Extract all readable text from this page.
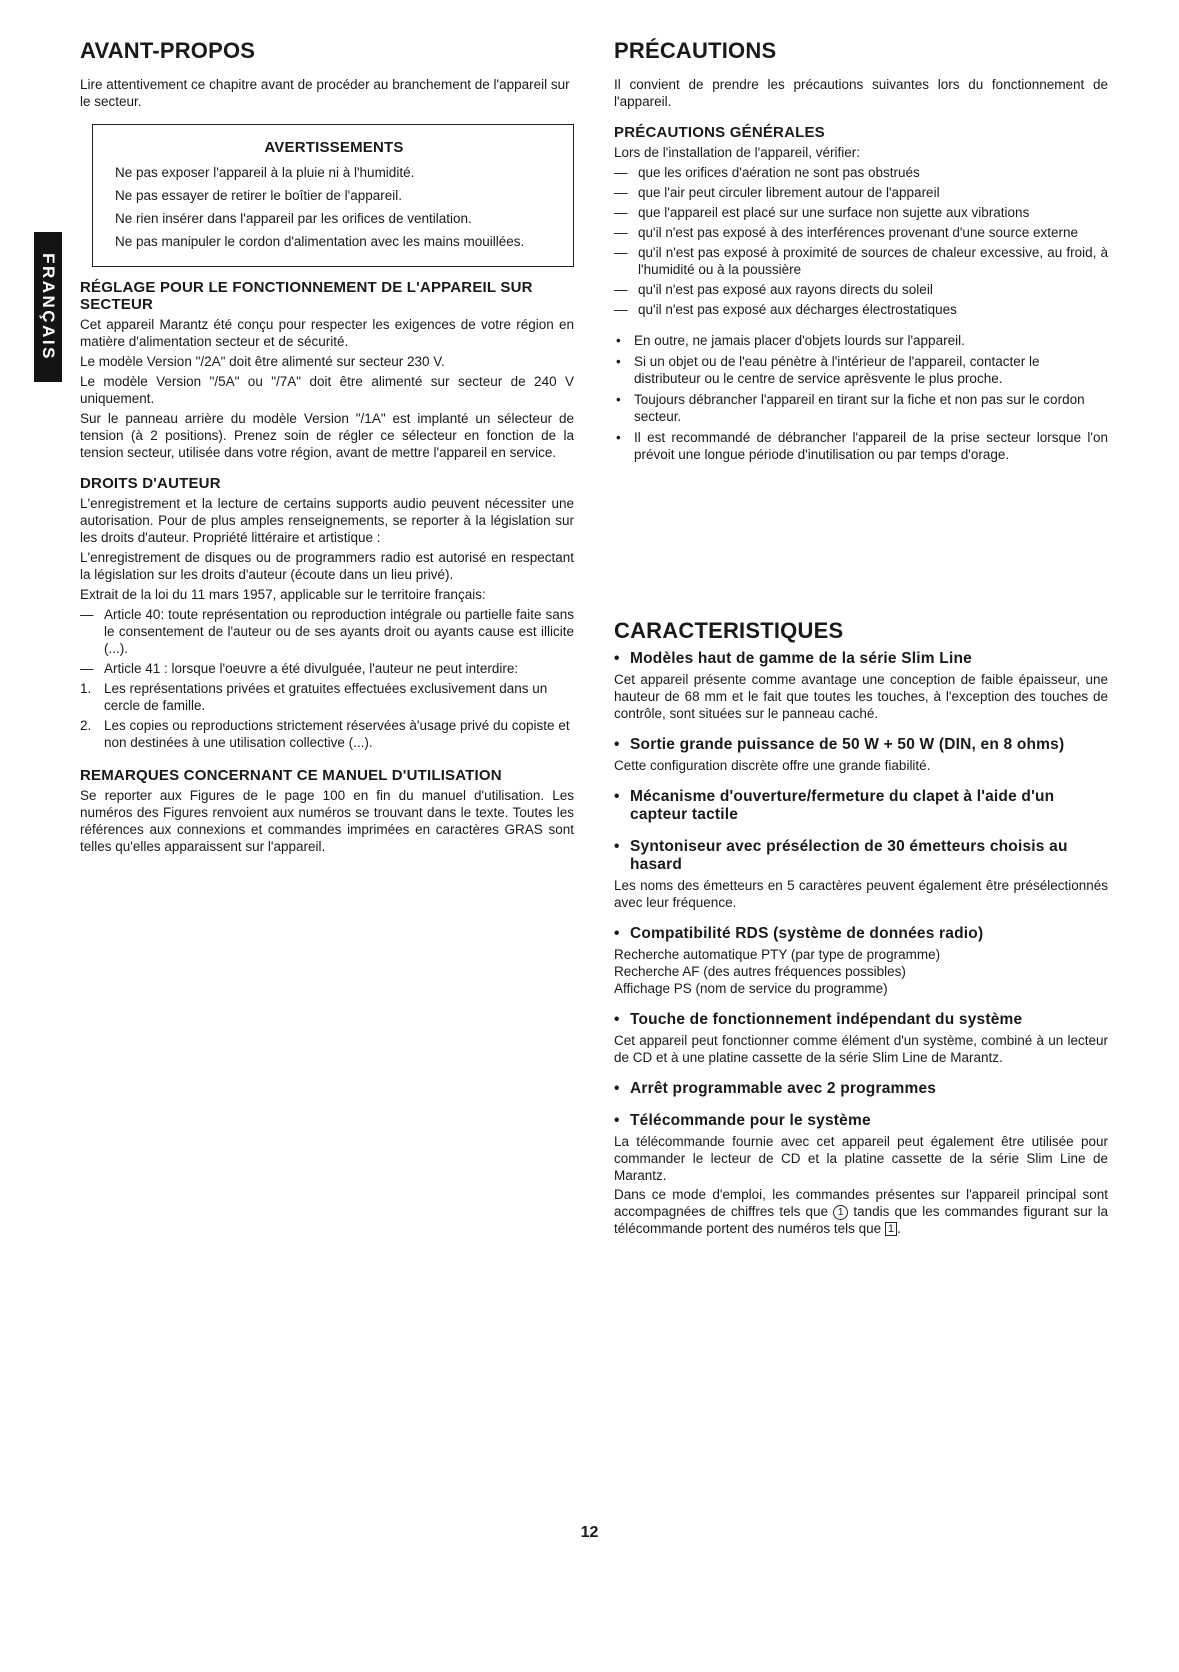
FRANÇAIS
AVANT-PROPOS

Lire attentivement ce chapitre avant de procéder au branchement de l'appareil sur le secteur.

AVERTISSEMENTS

Ne pas exposer l'appareil à la pluie ni à l'humidité.

Ne pas essayer de retirer le boîtier de l'appareil.

Ne rien insérer dans l'appareil par les orifices de ventilation.

Ne pas manipuler le cordon d'alimentation avec les mains mouillées.

RÉGLAGE POUR LE FONCTIONNEMENT DE L'APPAREIL SUR SECTEUR

Cet appareil Marantz été conçu pour respecter les exigences de votre région en matière d'alimentation secteur et de sécurité.

Le modèle Version "/2A" doit être alimenté sur secteur 230 V.

Le modèle Version "/5A" ou "/7A" doit être alimenté sur secteur de 240 V uniquement.

Sur le panneau arrière du modèle Version "/1A" est implanté un sélecteur de tension (à 2 positions). Prenez soin de régler ce sélecteur en fonction de la tension secteur, utilisée dans votre région, avant de mettre l'appareil en service.

DROITS D'AUTEUR

L'enregistrement et la lecture de certains supports audio peuvent nécessiter une autorisation. Pour de plus amples renseignements, se reporter à la législation sur les droits d'auteur. Propriété littéraire et artistique :

L'enregistrement de disques ou de programmers radio est autorisé en respectant la législation sur les droits d'auteur (écoute dans un lieu privé).

Extrait de la loi du 11 mars 1957, applicable sur le territoire français:

— Article 40: toute représentation ou reproduction intégrale ou partielle faite sans le consentement de l'auteur ou de ses ayants droit ou ayants cause est illicite (...).
— Article 41 : lorsque l'oeuvre a été divulguée, l'auteur ne peut interdire:
1. Les représentations privées et gratuites effectuées exclusivement dans un cercle de famille.
2. Les copies ou reproductions strictement réservées à'usage privé du copiste et non destinées à une utilisation collective (...).
REMARQUES CONCERNANT CE MANUEL D'UTILISATION

Se reporter aux Figures de le page 100 en fin du manuel d'utilisation. Les numéros des Figures renvoient aux numéros se trouvant dans le texte. Toutes les références aux connexions et commandes imprimées en caractères GRAS sont telles qu'elles apparaissent sur l'appareil.

PRÉCAUTIONS

Il convient de prendre les précautions suivantes lors du fonctionnement de l'appareil.

PRÉCAUTIONS GÉNÉRALES

Lors de l'installation de l'appareil, vérifier:

— que les orifices d'aération ne sont pas obstrués
— que l'air peut circuler librement autour de l'appareil
— que l'appareil est placé sur une surface non sujette aux vibrations
— qu'il n'est pas exposé à des interférences provenant d'une source externe
— qu'il n'est pas exposé à proximité de sources de chaleur excessive, au froid, à l'humidité ou à la poussière
— qu'il n'est pas exposé aux rayons directs du soleil
— qu'il n'est pas exposé aux décharges électrostatiques
• En outre, ne jamais placer d'objets lourds sur l'appareil.
• Si un objet ou de l'eau pénètre à l'intérieur de l'appareil, contacter le distributeur ou le centre de service aprèsvente le plus proche.
• Toujours débrancher l'appareil en tirant sur la fiche et non pas sur le cordon secteur.
• Il est recommandé de débrancher l'appareil de la prise secteur lorsque l'on prévoit une longue période d'inutilisation ou par temps d'orage.
CARACTERISTIQUES
• Modèles haut de gamme de la série Slim Line

Cet appareil présente comme avantage une conception de faible épaisseur, une hauteur de 68 mm et le fait que toutes les touches, à l'exception des touches de contrôle, sont situées sur le panneau caché.

• Sortie grande puissance de 50 W + 50 W (DIN, en 8 ohms)

Cette configuration discrète offre une grande fiabilité.

• Mécanisme d'ouverture/fermeture du clapet à l'aide d'un capteur tactile
• Syntoniseur avec présélection de 30 émetteurs choisis au hasard

Les noms des émetteurs en 5 caractères peuvent également être présélectionnés avec leur fréquence.

• Compatibilité RDS (système de données radio)

Recherche automatique PTY (par type de programme)

Recherche AF (des autres fréquences possibles)

Affichage PS (nom de service du programme)

• Touche de fonctionnement indépendant du système

Cet appareil peut fonctionner comme élément d'un système, combiné à un lecteur de CD et à une platine cassette de la série Slim Line de Marantz.

• Arrêt programmable avec 2 programmes
• Télécommande pour le système

La télécommande fournie avec cet appareil peut également être utilisée pour commander le lecteur de CD et la platine cassette de la série Slim Line de Marantz.

Dans ce mode d'emploi, les commandes présentes sur l'appareil principal sont accompagnées de chiffres tels que 1 tandis que les commandes figurant sur la télécommande portent des numéros tels que 1 .

12
